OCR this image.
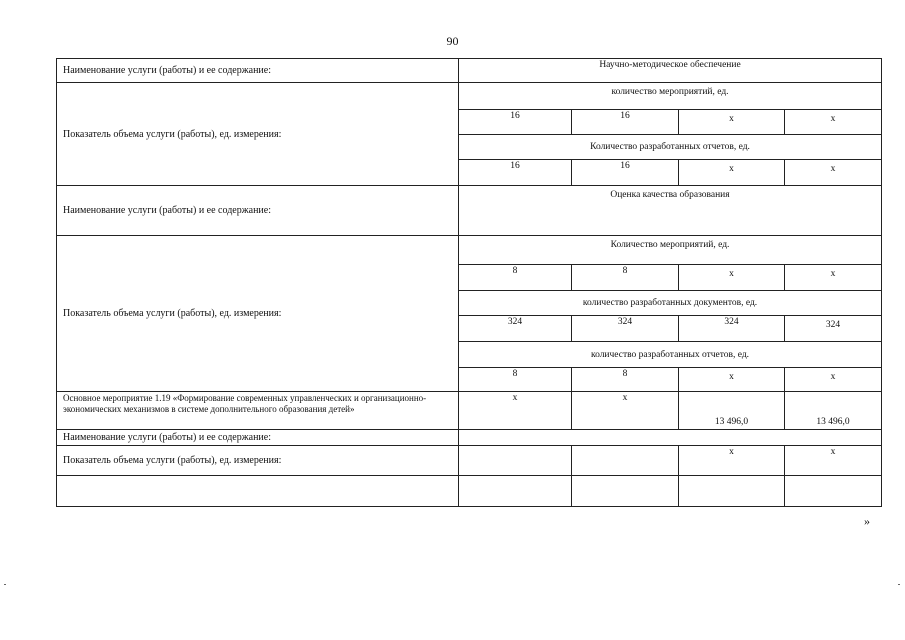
90
Наименование услуги (работы) и ее содержание:	Научно-методическое обеспечение			
Показатель объема услуги (работы), ед. измерения:	количество мероприятий, ед.			
	16	16	x	x
	Количество разработанных отчетов, ед.			
	16	16	x	x
Наименование услуги (работы) и ее содержание:	Оценка качества образования			
Показатель объема услуги (работы), ед. измерения:	Количество мероприятий, ед.			
	8	8	x	x
	количество разработанных документов, ед.			
	324	324	324	324
	количество разработанных отчетов, ед.			
	8	8	x	x
Основное мероприятие 1.19 «Формирование современных управленческих и организационно-экономических механизмов в системе дополнительного образования детей»	x	x	13 496,0	13 496,0
Наименование услуги (работы) и ее содержание:				
Показатель объема услуги (работы), ед. измерения:			x	x

»
